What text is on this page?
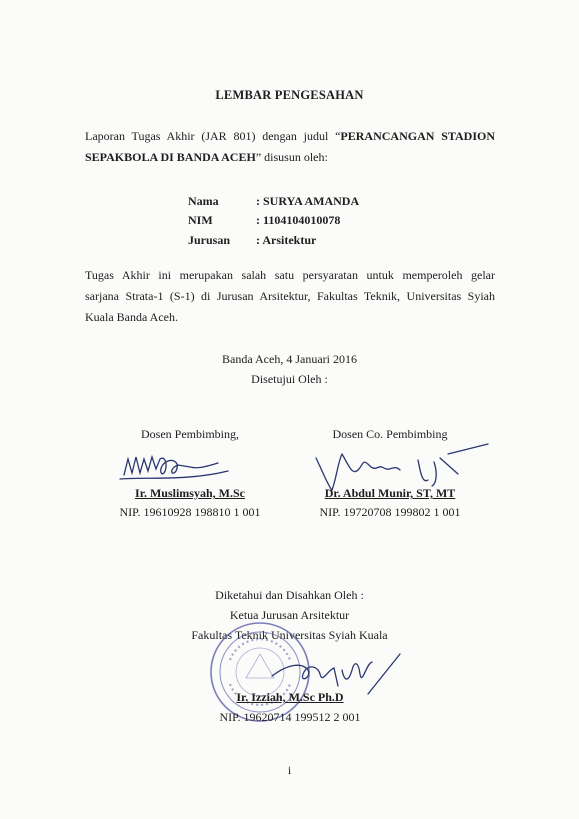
LEMBAR PENGESAHAN
Laporan Tugas Akhir (JAR 801) dengan judul “PERANCANGAN STADION
SEPAKBOLA DI BANDA ACEH” disusun oleh:
Nama	: SURYA AMANDA
NIM	: 1104104010078
Jurusan : Arsitektur
Tugas Akhir ini merupakan salah satu persyaratan untuk memperoleh gelar
sarjana Strata-1 (S-1) di Jurusan Arsitektur, Fakultas Teknik, Universitas Syiah
Kuala Banda Aceh.
Banda Aceh, 4 Januari 2016
Disetujui Oleh :
Dosen Pembimbing,
Ir. Muslimsyah, M.Sc
NIP. 19610928 198810 1 001
Dosen Co. Pembimbing
Dr. Abdul Munir, ST, MT
NIP. 19720708 199802 1 001
Diketahui dan Disahkan Oleh :
Ketua Jurusan Arsitektur
Fakultas Teknik Universitas Syiah Kuala
Ir. Izziah, M.Sc Ph.D
NIP. 19620714 199512 2 001
i
